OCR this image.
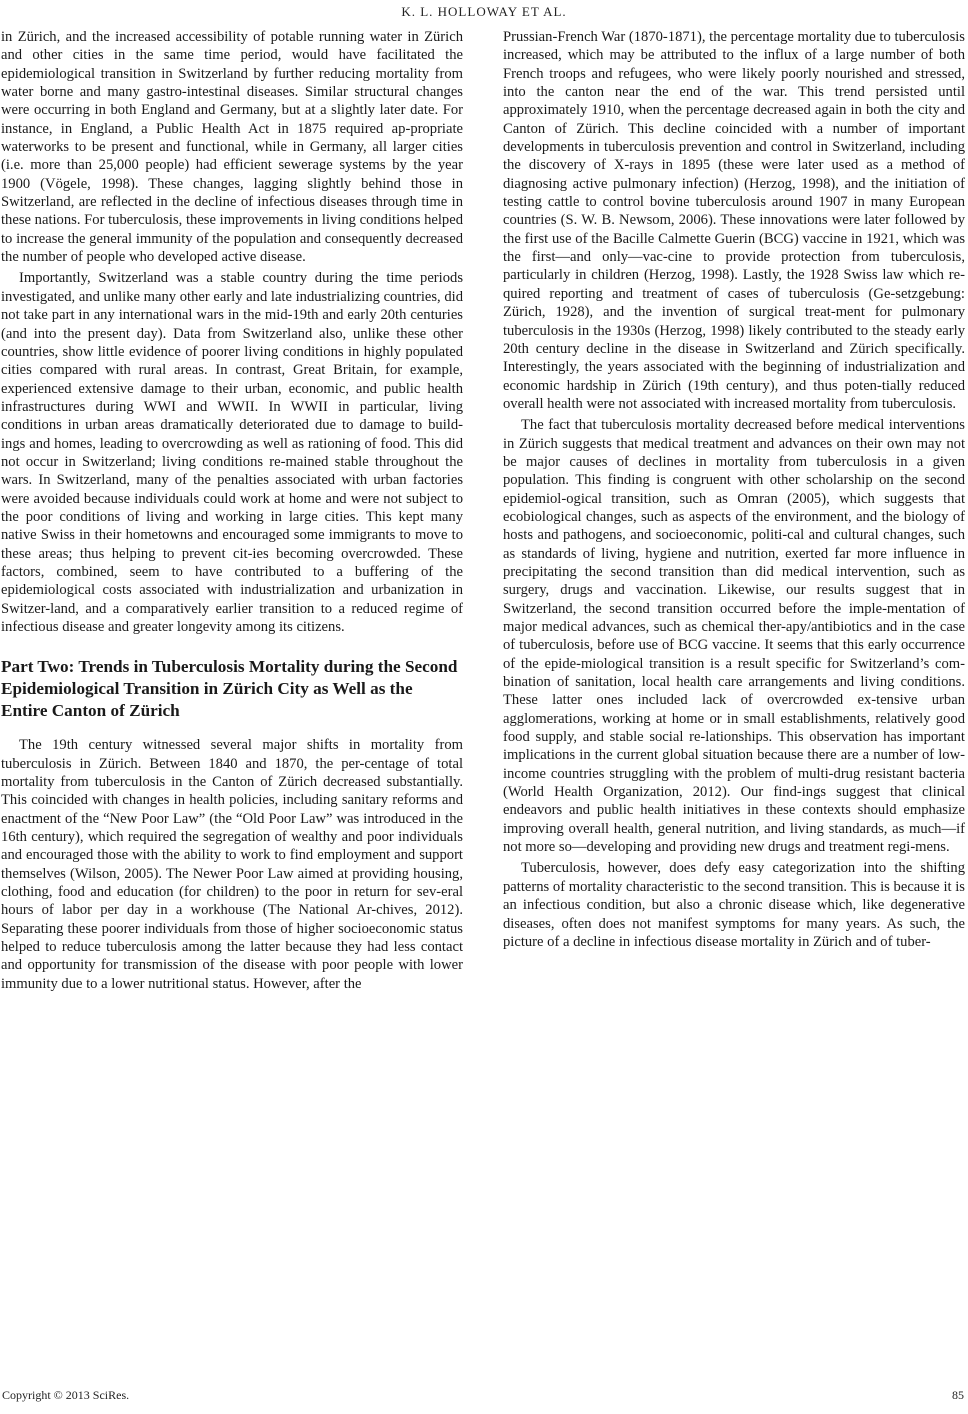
K. L. HOLLOWAY ET AL.

in Zürich, and the increased accessibility of potable running water in Zürich and other cities in the same time period, would have facilitated the epidemiological transition in Switzerland by further reducing mortality from water borne and many gastro-intestinal diseases. Similar structural changes were occurring in both England and Germany, but at a slightly later date. For instance, in England, a Public Health Act in 1875 required ap-propriate waterworks to be present and functional, while in Germany, all larger cities (i.e. more than 25,000 people) had efficient sewerage systems by the year 1900 (Vögele, 1998). These changes, lagging slightly behind those in Switzerland, are reflected in the decline of infectious diseases through time in these nations. For tuberculosis, these improvements in living conditions helped to increase the general immunity of the population and consequently decreased the number of people who developed active disease.

Importantly, Switzerland was a stable country during the time periods investigated, and unlike many other early and late industrializing countries, did not take part in any international wars in the mid-19th and early 20th centuries (and into the present day). Data from Switzerland also, unlike these other countries, show little evidence of poorer living conditions in highly populated cities compared with rural areas. In contrast, Great Britain, for example, experienced extensive damage to their urban, economic, and public health infrastructures during WWI and WWII. In WWII in particular, living conditions in urban areas dramatically deteriorated due to damage to build-ings and homes, leading to overcrowding as well as rationing of food. This did not occur in Switzerland; living conditions re-mained stable throughout the wars. In Switzerland, many of the penalties associated with urban factories were avoided because individuals could work at home and were not subject to the poor conditions of living and working in large cities. This kept many native Swiss in their hometowns and encouraged some immigrants to move to these areas; thus helping to prevent cit-ies becoming overcrowded. These factors, combined, seem to have contributed to a buffering of the epidemiological costs associated with industrialization and urbanization in Switzer-land, and a comparatively earlier transition to a reduced regime of infectious disease and greater longevity among its citizens.

Part Two: Trends in Tuberculosis Mortality during the Second Epidemiological Transition in Zürich City as Well as the Entire Canton of Zürich

The 19th century witnessed several major shifts in mortality from tuberculosis in Zürich. Between 1840 and 1870, the per-centage of total mortality from tuberculosis in the Canton of Zürich decreased substantially. This coincided with changes in health policies, including sanitary reforms and enactment of the “New Poor Law” (the “Old Poor Law” was introduced in the 16th century), which required the segregation of wealthy and poor individuals and encouraged those with the ability to work to find employment and support themselves (Wilson, 2005). The Newer Poor Law aimed at providing housing, clothing, food and education (for children) to the poor in return for sev-eral hours of labor per day in a workhouse (The National Ar-chives, 2012). Separating these poorer individuals from those of higher socioeconomic status helped to reduce tuberculosis among the latter because they had less contact and opportunity for transmission of the disease with poor people with lower immunity due to a lower nutritional status. However, after the

Prussian-French War (1870-1871), the percentage mortality due to tuberculosis increased, which may be attributed to the influx of a large number of both French troops and refugees, who were likely poorly nourished and stressed, into the canton near the end of the war. This trend persisted until approximately 1910, when the percentage decreased again in both the city and Canton of Zürich. This decline coincided with a number of important developments in tuberculosis prevention and control in Switzerland, including the discovery of X-rays in 1895 (these were later used as a method of diagnosing active pulmonary infection) (Herzog, 1998), and the initiation of testing cattle to control bovine tuberculosis around 1907 in many European countries (S. W. B. Newsom, 2006). These innovations were later followed by the first use of the Bacille Calmette Guerin (BCG) vaccine in 1921, which was the first—and only—vac-cine to provide protection from tuberculosis, particularly in children (Herzog, 1998). Lastly, the 1928 Swiss law which re-quired reporting and treatment of cases of tuberculosis (Ge-setzgebung: Zürich, 1928), and the invention of surgical treat-ment for pulmonary tuberculosis in the 1930s (Herzog, 1998) likely contributed to the steady early 20th century decline in the disease in Switzerland and Zürich specifically. Interestingly, the years associated with the beginning of industrialization and economic hardship in Zürich (19th century), and thus poten-tially reduced overall health were not associated with increased mortality from tuberculosis.

The fact that tuberculosis mortality decreased before medical interventions in Zürich suggests that medical treatment and advances on their own may not be major causes of declines in mortality from tuberculosis in a given population. This finding is congruent with other scholarship on the second epidemiol-ogical transition, such as Omran (2005), which suggests that ecobiological changes, such as aspects of the environment, and the biology of hosts and pathogens, and socioeconomic, politi-cal and cultural changes, such as standards of living, hygiene and nutrition, exerted far more influence in precipitating the second transition than did medical intervention, such as surgery, drugs and vaccination. Likewise, our results suggest that in Switzerland, the second transition occurred before the imple-mentation of major medical advances, such as chemical ther-apy/antibiotics and in the case of tuberculosis, before use of BCG vaccine. It seems that this early occurrence of the epide-miological transition is a result specific for Switzerland’s com-bination of sanitation, local health care arrangements and living conditions. These latter ones included lack of overcrowded ex-tensive urban agglomerations, working at home or in small establishments, relatively good food supply, and stable social re-lationships. This observation has important implications in the current global situation because there are a number of low-income countries struggling with the problem of multi-drug resistant bacteria (World Health Organization, 2012). Our find-ings suggest that clinical endeavors and public health initiatives in these contexts should emphasize improving overall health, general nutrition, and living standards, as much—if not more so—developing and providing new drugs and treatment regi-mens.

Tuberculosis, however, does defy easy categorization into the shifting patterns of mortality characteristic to the second transition. This is because it is an infectious condition, but also a chronic disease which, like degenerative diseases, often does not manifest symptoms for many years. As such, the picture of a decline in infectious disease mortality in Zürich and of tuber-

Copyright © 2013 SciRes.	85
